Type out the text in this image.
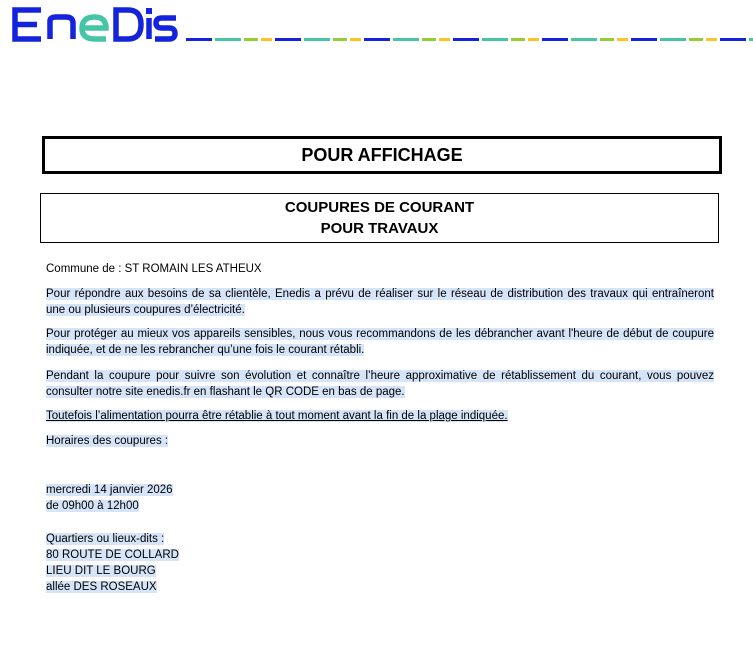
POUR AFFICHAGE
COUPURES DE COURANT
POUR TRAVAUX
Commune de : ST ROMAIN LES ATHEUX
Pour répondre aux besoins de sa clientèle, Enedis a prévu de réaliser sur le réseau de distribution des travaux qui entraîneront une ou plusieurs coupures d’électricité.
Pour protéger au mieux vos appareils sensibles, nous vous recommandons de les débrancher avant l'heure de début de coupure indiquée, et de ne les rebrancher qu’une fois le courant rétabli.
Pendant la coupure pour suivre son évolution et connaître l’heure approximative de rétablissement du courant, vous pouvez consulter notre site enedis.fr en flashant le QR CODE en bas de page.
Toutefois l’alimentation pourra être rétablie à tout moment avant la fin de la plage indiquée.
Horaires des coupures :
mercredi 14 janvier 2026
de 09h00 à 12h00
Quartiers ou lieux-dits :
80 ROUTE DE COLLARD
LIEU DIT LE BOURG
allée DES ROSEAUX
